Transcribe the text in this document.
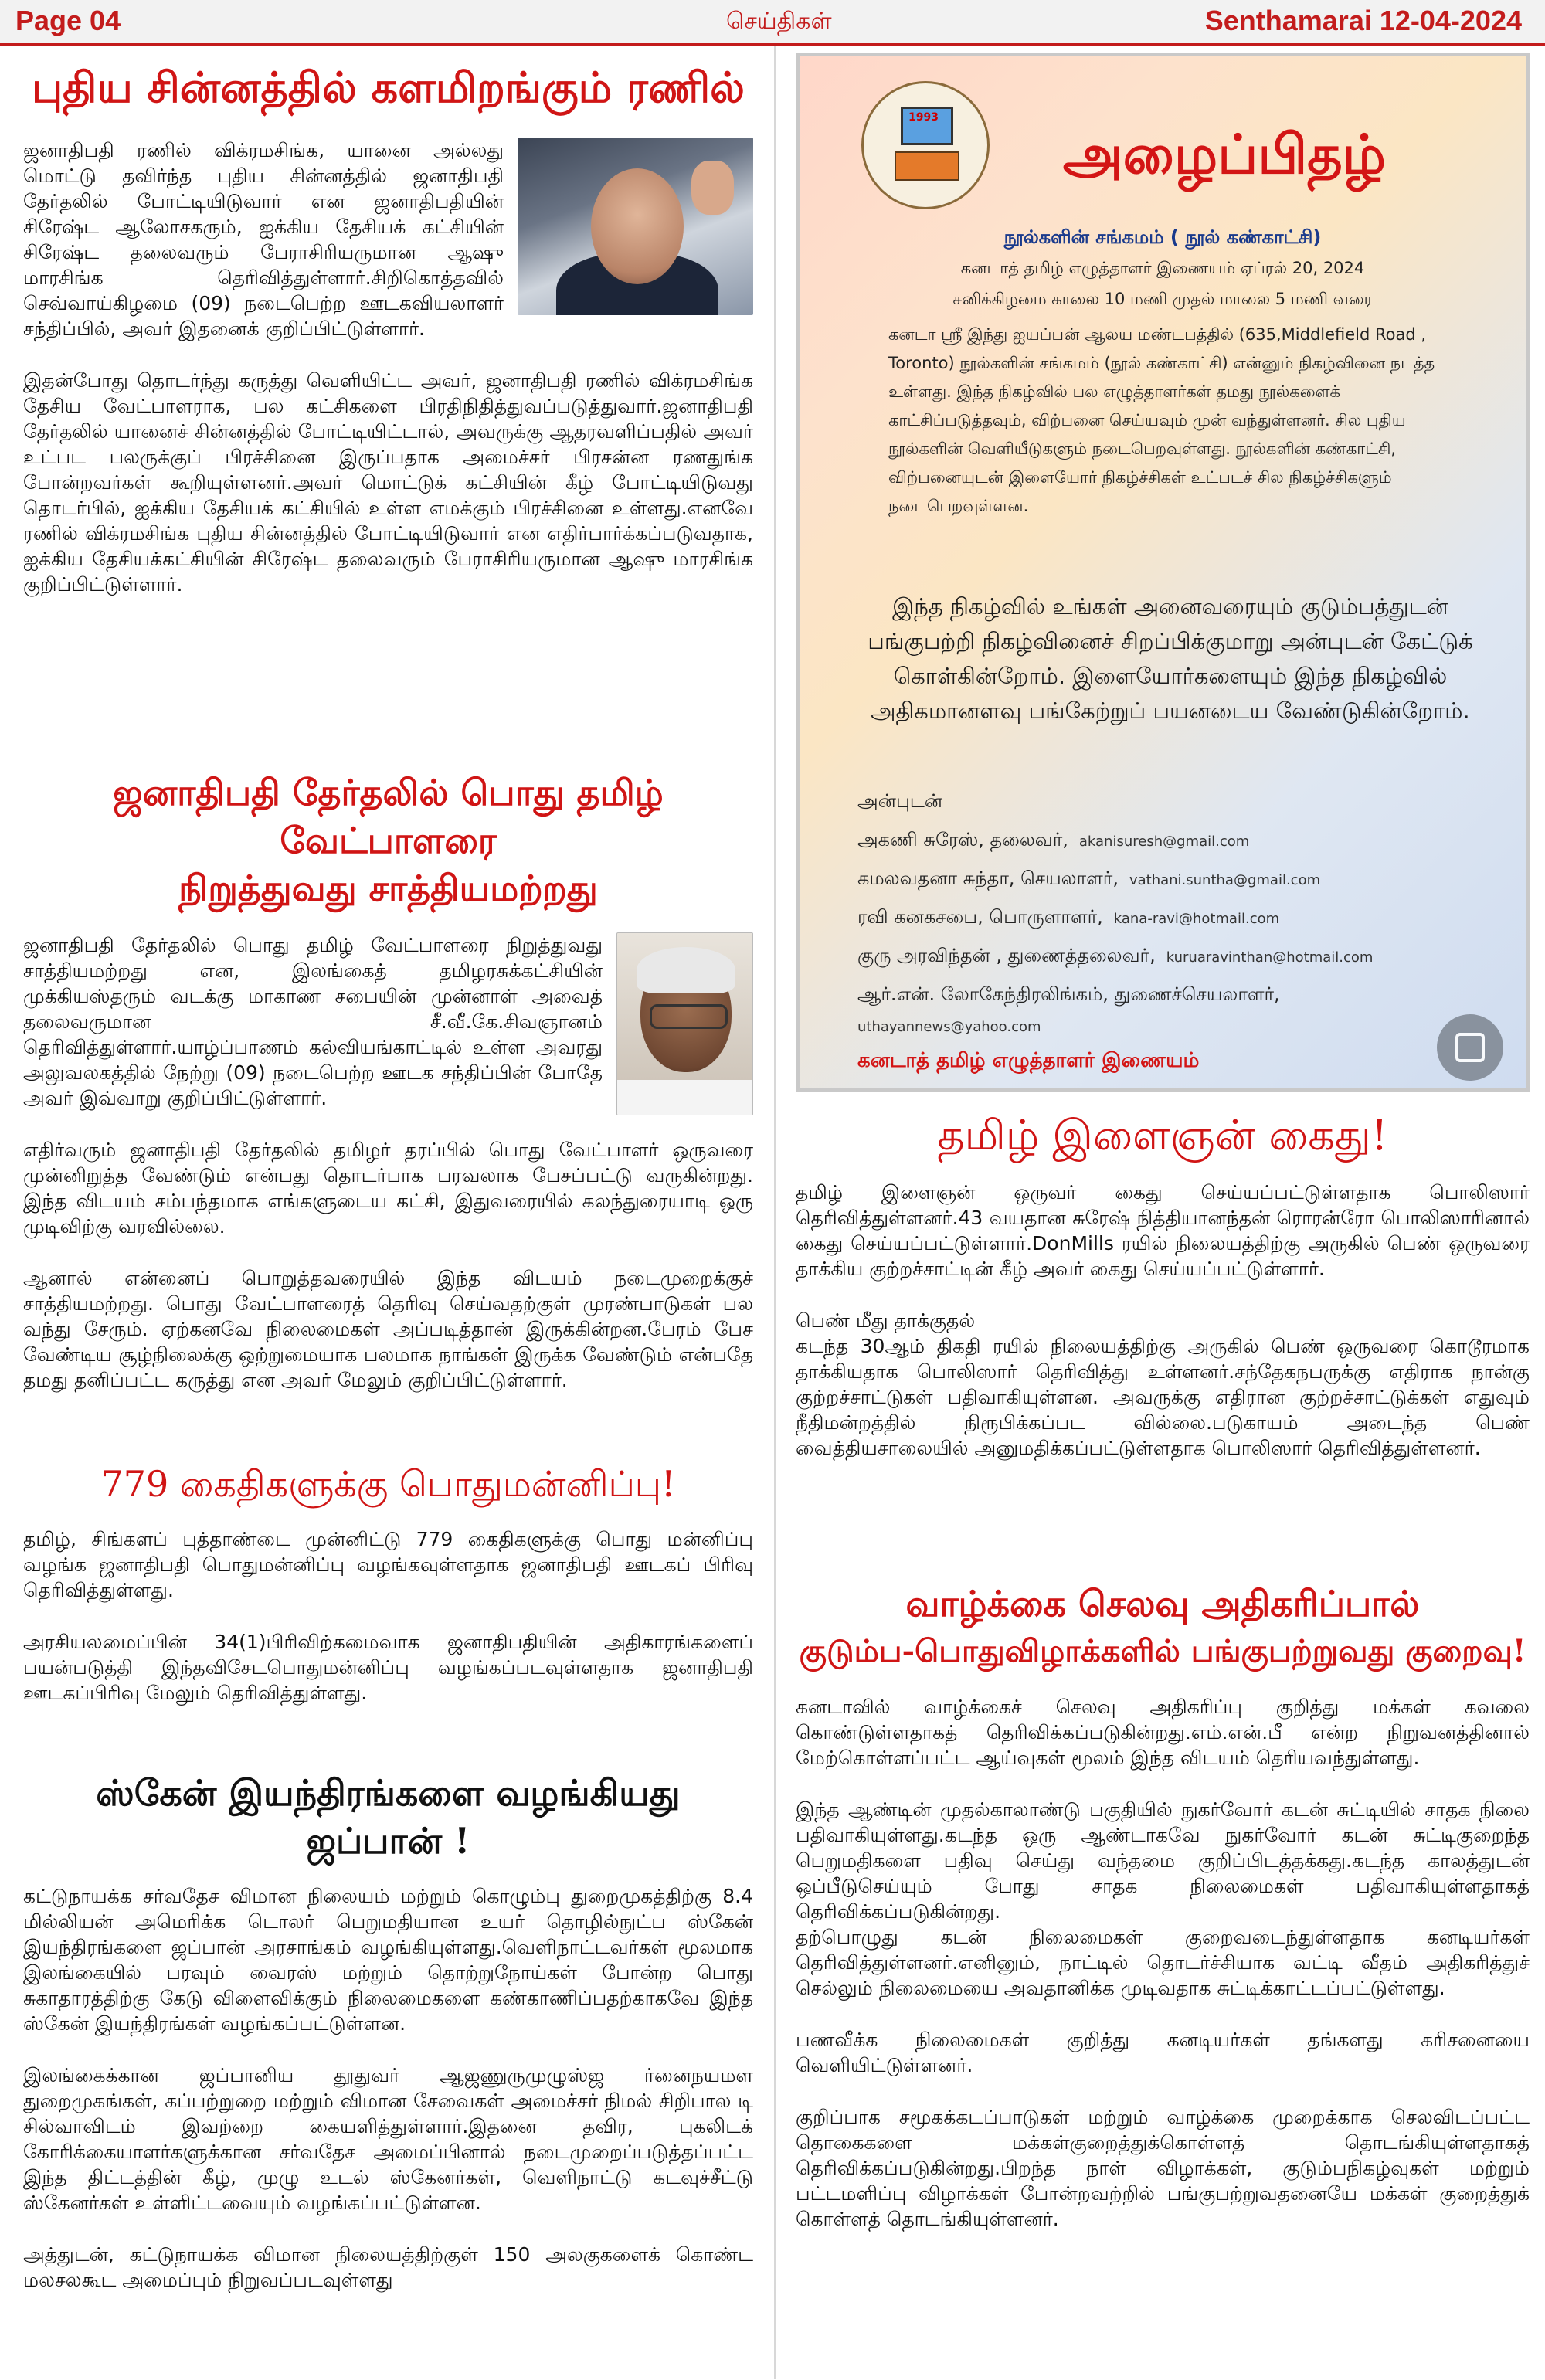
Page 04	செய்திகள்	Senthamarai 12-04-2024
புதிய சின்னத்தில் களமிறங்கும் ரணில்

ஜனாதிபதி ரணில் விக்ரமசிங்க, யானை அல்லது மொட்டு தவிர்ந்த புதிய சின்னத்தில் ஜனாதிபதி தேர்தலில் போட்டியிடுவார் என ஜனாதிபதியின் சிரேஷ்ட ஆலோசகரும், ஐக்கிய தேசியக் கட்சியின் சிரேஷ்ட தலைவரும் பேராசிரியருமான ஆஷு மாரசிங்க தெரிவித்துள்ளார்.சிறிகொத்தவில் செவ்வாய்கிழமை (09) நடைபெற்ற ஊடகவியலாளர் சந்திப்பில், அவர் இதனைக் குறிப்பிட்டுள்ளார்.

இதன்போது தொடர்ந்து கருத்து வெளியிட்ட அவர், ஜனாதிபதி ரணில் விக்ரமசிங்க தேசிய வேட்பாளராக, பல கட்சிகளை பிரதிநிதித்துவப்படுத்துவார்.ஜனாதிபதி தேர்தலில் யானைச் சின்னத்தில் போட்டியிட்டால், அவருக்கு ஆதரவளிப்பதில் அவர் உட்பட பலருக்குப் பிரச்சினை இருப்பதாக அமைச்சர் பிரசன்ன ரணதுங்க போன்றவர்கள் கூறியுள்ளனர்.அவர் மொட்டுக் கட்சியின் கீழ் போட்டியிடுவது தொடர்பில், ஐக்கிய தேசியக் கட்சியில் உள்ள எமக்கும் பிரச்சினை உள்ளது.எனவே ரணில் விக்ரமசிங்க புதிய சின்னத்தில் போட்டியிடுவார் என எதிர்பார்க்கப்படுவதாக, ஐக்கிய தேசியக்கட்சியின் சிரேஷ்ட தலைவரும் பேராசிரியருமான ஆஷு மாரசிங்க குறிப்பிட்டுள்ளார்.

ஜனாதிபதி தேர்தலில் பொது தமிழ் வேட்பாளரை
நிறுத்துவது சாத்தியமற்றது

ஜனாதிபதி தேர்தலில் பொது தமிழ் வேட்பாளரை நிறுத்துவது சாத்தியமற்றது என, இலங்கைத் தமிழரசுக்கட்சியின் முக்கியஸ்தரும் வடக்கு மாகாண சபையின் முன்னாள் அவைத் தலைவருமான சீ.வீ.கே.சிவஞானம் தெரிவித்துள்ளார்.யாழ்ப்பாணம் கல்வியங்காட்டில் உள்ள அவரது அலுவலகத்தில் நேற்று (09) நடைபெற்ற ஊடக சந்திப்பின் போதே அவர் இவ்வாறு குறிப்பிட்டுள்ளார்.

எதிர்வரும் ஜனாதிபதி தேர்தலில் தமிழர் தரப்பில் பொது வேட்பாளர் ஒருவரை முன்னிறுத்த வேண்டும் என்பது தொடர்பாக பரவலாக பேசப்பட்டு வருகின்றது. இந்த விடயம் சம்பந்தமாக எங்களுடைய கட்சி, இதுவரையில் கலந்துரையாடி ஒரு முடிவிற்கு வரவில்லை.

ஆனால் என்னைப் பொறுத்தவரையில் இந்த விடயம் நடைமுறைக்குச் சாத்தியமற்றது. பொது வேட்பாளரைத் தெரிவு செய்வதற்குள் முரண்பாடுகள் பல வந்து சேரும். ஏற்கனவே நிலைமைகள் அப்படித்தான் இருக்கின்றன.பேரம் பேச வேண்டிய சூழ்நிலைக்கு ஒற்றுமையாக பலமாக நாங்கள் இருக்க வேண்டும் என்பதே தமது தனிப்பட்ட கருத்து என அவர் மேலும் குறிப்பிட்டுள்ளார்.

779 கைதிகளுக்கு பொதுமன்னிப்பு!

தமிழ், சிங்களப் புத்தாண்டை முன்னிட்டு 779 கைதிகளுக்கு பொது மன்னிப்பு வழங்க ஜனாதிபதி பொதுமன்னிப்பு வழங்கவுள்ளதாக ஜனாதிபதி ஊடகப் பிரிவு தெரிவித்துள்ளது.

அரசியலமைப்பின் 34(1)பிரிவிற்கமைவாக ஜனாதிபதியின் அதிகாரங்களைப் பயன்படுத்தி இந்தவிசேடபொதுமன்னிப்பு வழங்கப்படவுள்ளதாக ஜனாதிபதி ஊடகப்பிரிவு மேலும் தெரிவித்துள்ளது.

ஸ்கேன் இயந்திரங்களை வழங்கியது ஜப்பான் !

கட்டுநாயக்க சர்வதேச விமான நிலையம் மற்றும் கொழும்பு துறைமுகத்திற்கு 8.4 மில்லியன் அமெரிக்க டொலர் பெறுமதியான உயர் தொழில்நுட்ப ஸ்கேன் இயந்திரங்களை ஜப்பான் அரசாங்கம் வழங்கியுள்ளது.வெளிநாட்டவர்கள் மூலமாக இலங்கையில் பரவும் வைரஸ் மற்றும் தொற்றுநோய்கள் போன்ற பொது சுகாதாரத்திற்கு கேடு விளைவிக்கும் நிலைமைகளை கண்காணிப்பதற்காகவே இந்த ஸ்கேன் இயந்திரங்கள் வழங்கப்பட்டுள்ளன.

இலங்கைக்கான ஜப்பானிய தூதுவர் ஆஜணுருமுழுஸ்ஜ ர்னைநயமள துறைமுகங்கள், கப்பற்றுறை மற்றும் விமான சேவைகள் அமைச்சர் நிமல் சிறிபால டி சில்வாவிடம் இவற்றை கையளித்துள்ளார்.இதனை தவிர, புகலிடக் கோரிக்கையாளர்களுக்கான சர்வதேச அமைப்பினால் நடைமுறைப்படுத்தப்பட்ட இந்த திட்டத்தின் கீழ், முழு உடல் ஸ்கேனர்கள், வெளிநாட்டு கடவுச்சீட்டு ஸ்கேனர்கள் உள்ளிட்டவையும் வழங்கப்பட்டுள்ளன.

அத்துடன், கட்டுநாயக்க விமான நிலையத்திற்குள் 150 அலகுகளைக் கொண்ட மலசலகூட அமைப்பும் நிறுவப்படவுள்ளது

1993
அழைப்பிதழ்
நூல்களின் சங்கமம் ( நூல் கண்காட்சி)
கனடாத் தமிழ் எழுத்தாளர் இணையம் ஏப்ரல் 20, 2024
சனிக்கிழமை காலை 10 மணி முதல் மாலை 5 மணி வரை
கனடா ஸ்ரீ இந்து ஐயப்பன் ஆலய மண்டபத்தில் (635,Middlefield Road , Toronto) நூல்களின் சங்கமம் (நூல் கண்காட்சி) என்னும் நிகழ்வினை நடத்த உள்ளது. இந்த நிகழ்வில் பல எழுத்தாளர்கள் தமது நூல்களைக் காட்சிப்படுத்தவும், விற்பனை செய்யவும் முன் வந்துள்ளனர். சில புதிய நூல்களின் வெளியீடுகளும் நடைபெறவுள்ளது. நூல்களின் கண்காட்சி, விற்பனையுடன் இளையோர் நிகழ்ச்சிகள் உட்படச் சில நிகழ்ச்சிகளும் நடைபெறவுள்ளன.
இந்த நிகழ்வில் உங்கள் அனைவரையும் குடும்பத்துடன் பங்குபற்றி நிகழ்வினைச் சிறப்பிக்குமாறு அன்புடன் கேட்டுக் கொள்கின்றோம். இளையோர்களையும் இந்த நிகழ்வில் அதிகமானளவு பங்கேற்றுப் பயனடைய வேண்டுகின்றோம்.
அன்புடன்
அகணி சுரேஸ், தலைவர், akanisuresh@gmail.com
கமலவதனா சுந்தா, செயலாளர், vathani.suntha@gmail.com
ரவி கனகசபை, பொருளாளர், kana-ravi@hotmail.com
குரு அரவிந்தன் , துணைத்தலைவர், kuruaravinthan@hotmail.com
ஆர்.என். லோகேந்திரலிங்கம், துணைச்செயலாளர்,
uthayannews@yahoo.com
கனடாத் தமிழ் எழுத்தாளர் இணையம்
தமிழ் இளைஞன் கைது!

தமிழ் இளைஞன் ஒருவர் கைது செய்யப்பட்டுள்ளதாக பொலிஸார் தெரிவித்துள்ளனர்.43 வயதான சுரேஷ் நித்தியானந்தன் ரொரன்ரோ பொலிஸாரினால் கைது செய்யப்பட்டுள்ளார்.DonMills ரயில் நிலையத்திற்கு அருகில் பெண் ஒருவரை தாக்கிய குற்றச்சாட்டின் கீழ் அவர் கைது செய்யப்பட்டுள்ளார்.

பெண் மீது தாக்குதல்

கடந்த 30ஆம் திகதி ரயில் நிலையத்திற்கு அருகில் பெண் ஒருவரை கொடூரமாக தாக்கியதாக பொலிஸார் தெரிவித்து உள்ளனர்.சந்தேகநபருக்கு எதிராக நான்கு குற்றச்சாட்டுகள் பதிவாகியுள்ளன. அவருக்கு எதிரான குற்றச்சாட்டுக்கள் எதுவும் நீதிமன்றத்தில் நிரூபிக்கப்பட வில்லை.படுகாயம் அடைந்த பெண் வைத்தியசாலையில் அனுமதிக்கப்பட்டுள்ளதாக பொலிஸார் தெரிவித்துள்ளனர்.

வாழ்க்கை செலவு அதிகரிப்பால்
குடும்ப-பொதுவிழாக்களில் பங்குபற்றுவது குறைவு!

கனடாவில் வாழ்க்கைச் செலவு அதிகரிப்பு குறித்து மக்கள் கவலை கொண்டுள்ளதாகத் தெரிவிக்கப்படுகின்றது.எம்.என்.பீ என்ற நிறுவனத்தினால் மேற்கொள்ளப்பட்ட ஆய்வுகள் மூலம் இந்த விடயம் தெரியவந்துள்ளது.

இந்த ஆண்டின் முதல்காலாண்டு பகுதியில் நுகர்வோர் கடன் சுட்டியில் சாதக நிலை பதிவாகியுள்ளது.கடந்த ஒரு ஆண்டாகவே நுகர்வோர் கடன் சுட்டிகுறைந்த பெறுமதிகளை பதிவு செய்து வந்தமை குறிப்பிடத்தக்கது.கடந்த காலத்துடன் ஒப்பீடுசெய்யும் போது சாதக நிலைமைகள் பதிவாகியுள்ளதாகத் தெரிவிக்கப்படுகின்றது.
தற்பொழுது கடன் நிலைமைகள் குறைவடைந்துள்ளதாக கனடியர்கள் தெரிவித்துள்ளனர்.எனினும், நாட்டில் தொடர்ச்சியாக வட்டி வீதம் அதிகரித்துச் செல்லும் நிலைமையை அவதானிக்க முடிவதாக சுட்டிக்காட்டப்பட்டுள்ளது.

பணவீக்க நிலைமைகள் குறித்து கனடியர்கள் தங்களது கரிசனையை வெளியிட்டுள்ளனர்.

குறிப்பாக சமூகக்கடப்பாடுகள் மற்றும் வாழ்க்கை முறைக்காக செலவிடப்பட்ட தொகைகளை மக்கள்குறைத்துக்கொள்ளத் தொடங்கியுள்ளதாகத் தெரிவிக்கப்படுகின்றது.பிறந்த நாள் விழாக்கள், குடும்பநிகழ்வுகள் மற்றும் பட்டமளிப்பு விழாக்கள் போன்றவற்றில் பங்குபற்றுவதனையே மக்கள் குறைத்துக் கொள்ளத் தொடங்கியுள்ளனர்.
